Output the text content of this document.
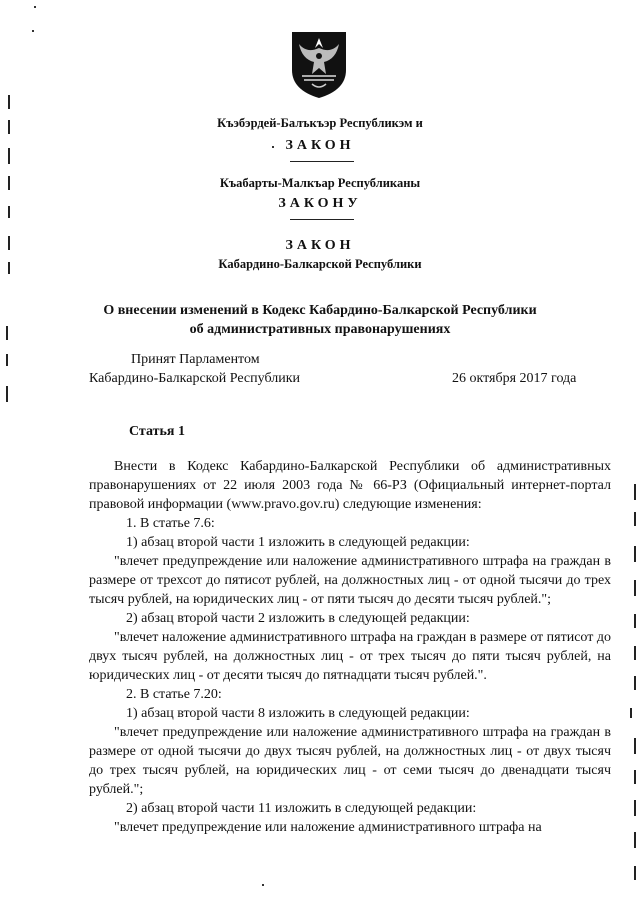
Къэбэрдей-Балъкъэр Республикэм и
ЗАКОН
Къабарты-Малкъар Республиканы
ЗАКОНУ
ЗАКОН
Кабардино-Балкарской Республики
О внесении изменений в Кодекс Кабардино-Балкарской Республики
об административных правонарушениях
Принят Парламентом
Кабардино-Балкарской Республики	26 октября 2017 года
Статья 1
Внести в Кодекс Кабардино-Балкарской Республики об административных правонарушениях от 22 июля 2003 года № 66-РЗ (Официальный интернет-портал правовой информации (www.pravo.gov.ru) следующие изменения:
1. В статье 7.6:
1) абзац второй части 1 изложить в следующей редакции:
"влечет предупреждение или наложение административного штрафа на граждан в размере от трехсот до пятисот рублей, на должностных лиц - от одной тысячи до трех тысяч рублей, на юридических лиц - от пяти тысяч до десяти тысяч рублей.";
2) абзац второй части 2 изложить в следующей редакции:
"влечет наложение административного штрафа на граждан в размере от пятисот до двух тысяч рублей, на должностных лиц - от трех тысяч до пяти тысяч рублей, на юридических лиц - от десяти тысяч до пятнадцати тысяч рублей.".
2. В статье 7.20:
1) абзац второй части 8 изложить в следующей редакции:
"влечет предупреждение или наложение административного штрафа на граждан в размере от одной тысячи до двух тысяч рублей, на должностных лиц - от двух тысяч до трех тысяч рублей, на юридических лиц - от семи тысяч до двенадцати тысяч рублей.";
2) абзац второй части 11 изложить в следующей редакции:
"влечет предупреждение или наложение административного штрафа на
